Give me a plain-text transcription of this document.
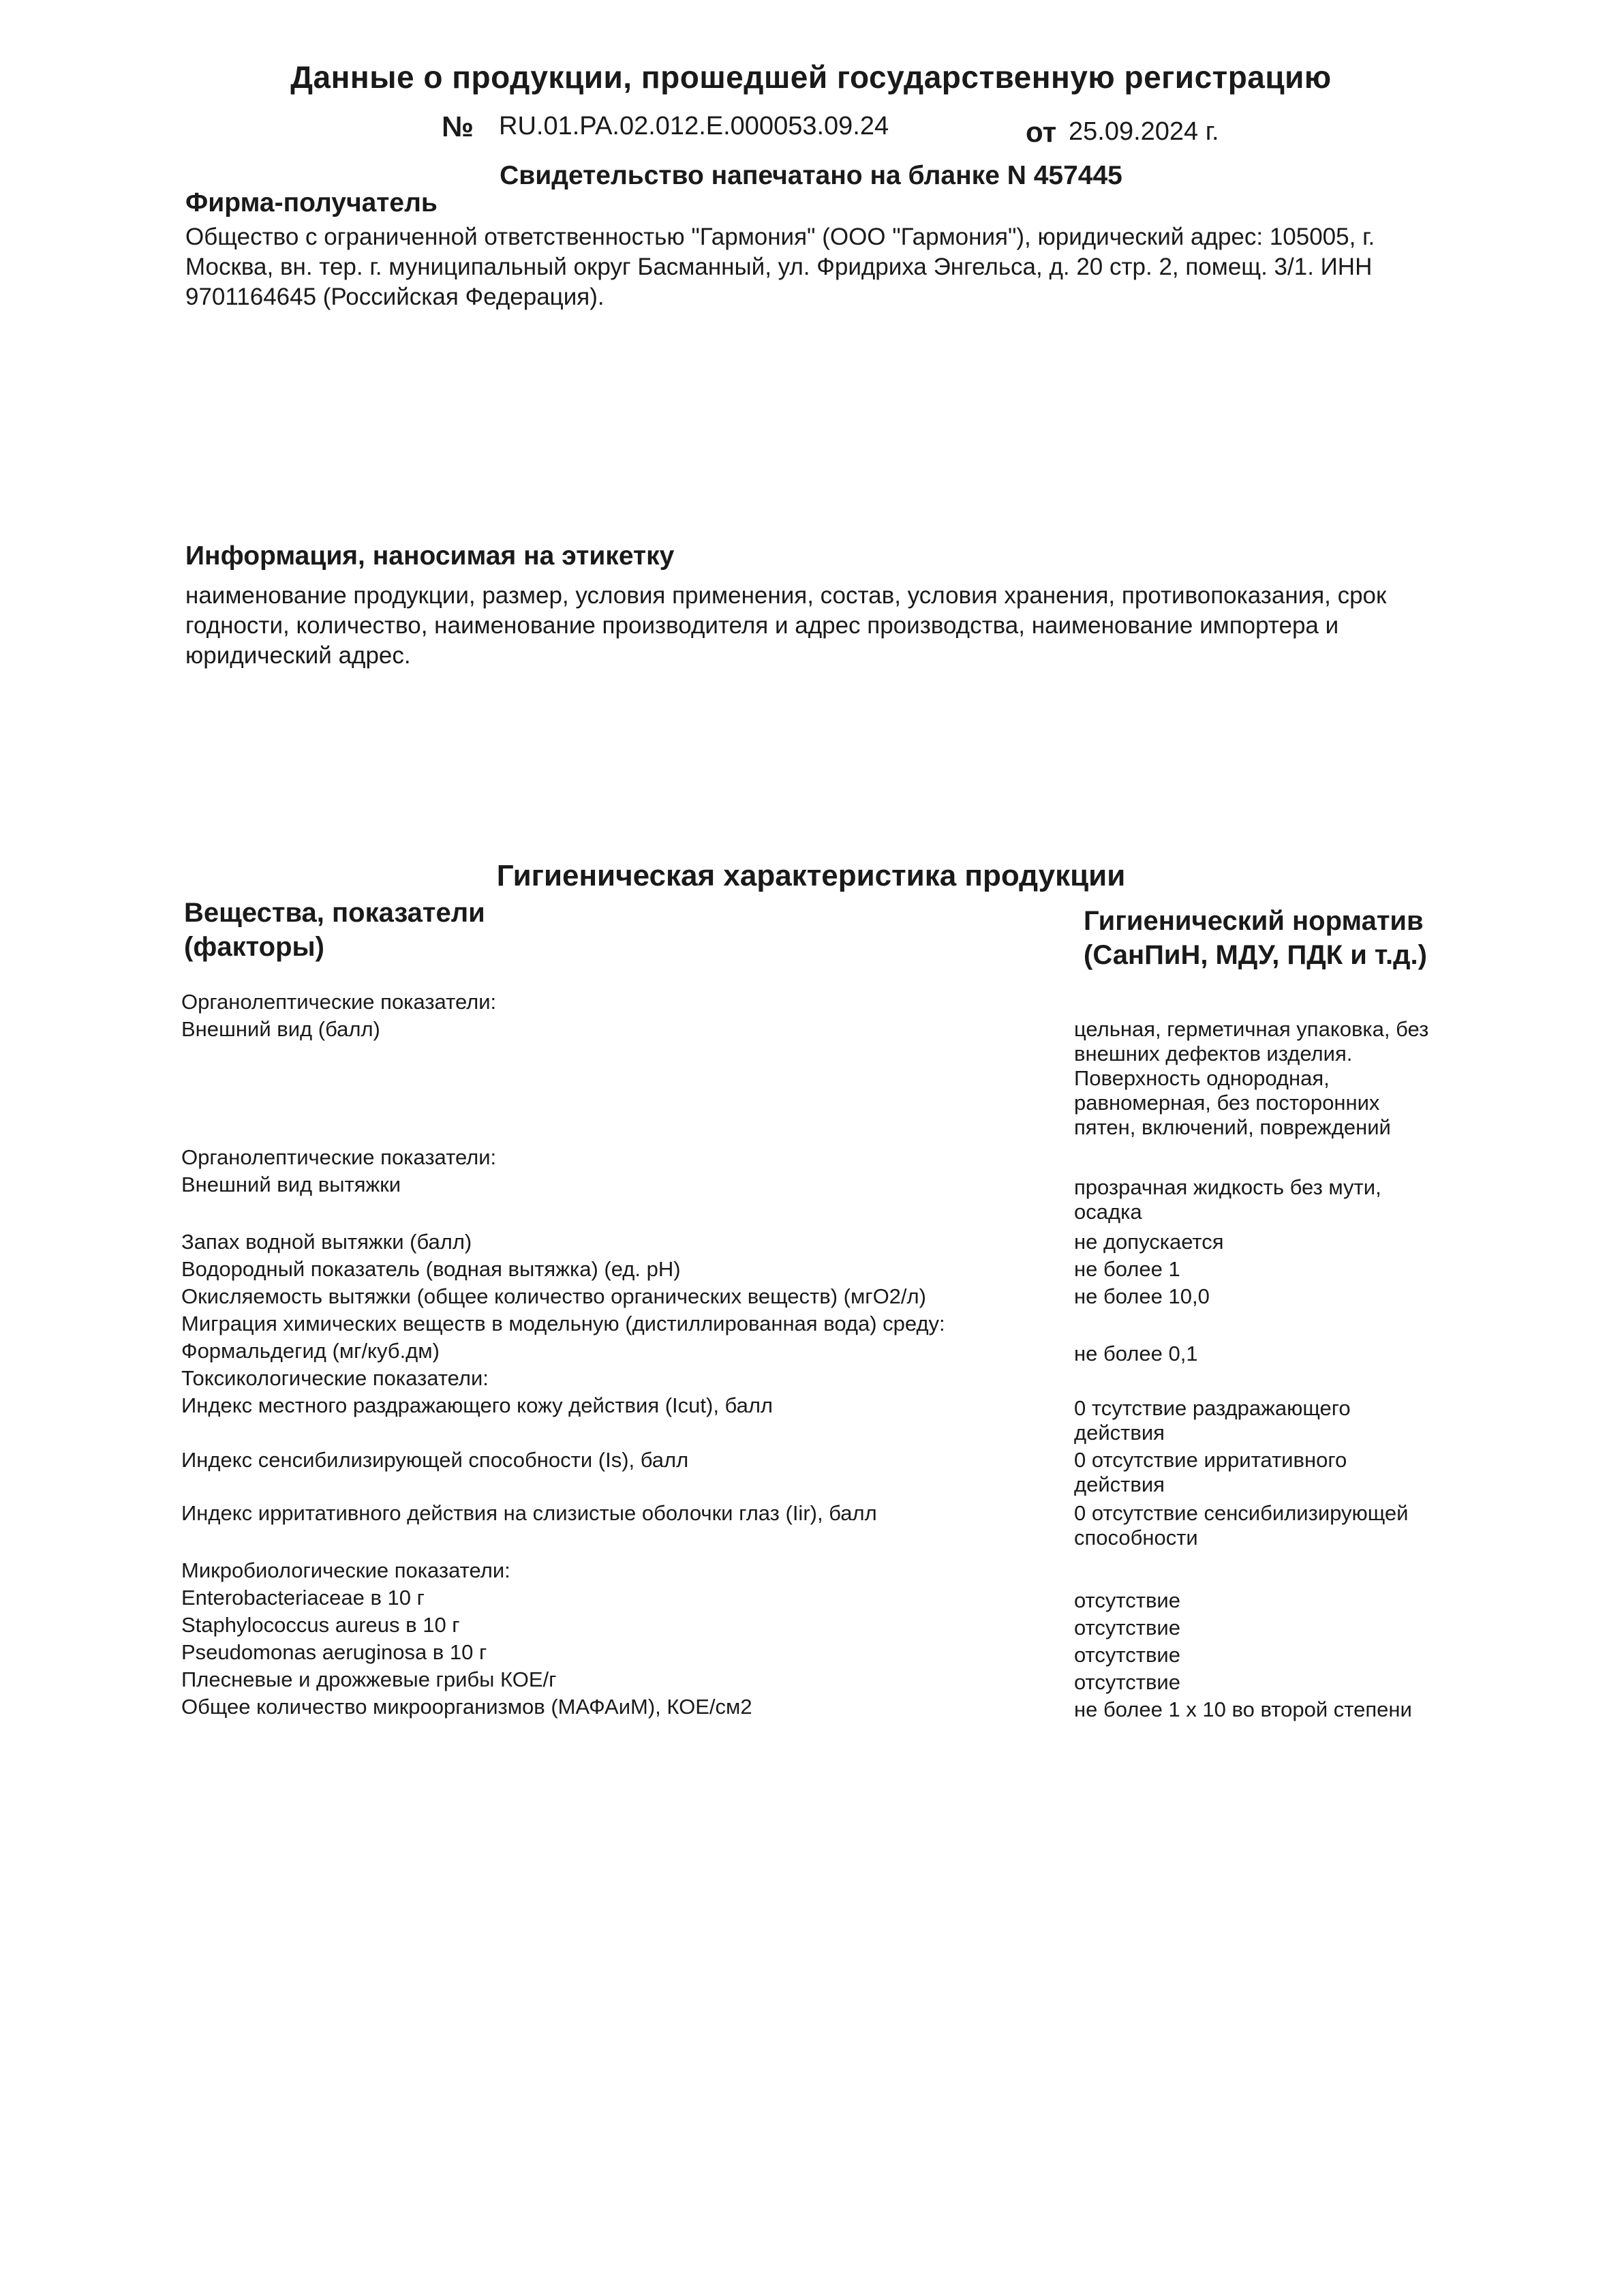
Данные о продукции, прошедшей государственную регистрацию
№ RU.01.РА.02.012.Е.000053.09.24	от 25.09.2024 г.
Свидетельство напечатано на бланке N 457445
Фирма-получатель
Общество с ограниченной ответственностью "Гармония" (ООО "Гармония"), юридический адрес: 105005, г. Москва, вн. тер. г. муниципальный округ Басманный, ул. Фридриха Энгельса, д. 20 стр. 2, помещ. 3/1. ИНН 9701164645 (Российская Федерация).
Информация, наносимая на этикетку
наименование продукции, размер, условия применения, состав, условия хранения, противопоказания, срок годности, количество, наименование производителя и адрес производства, наименование импортера и юридический адрес.
Гигиеническая характеристика продукции
Вещества, показатели (факторы)
Гигиенический норматив (СанПиН, МДУ, ПДК и т.д.)
Органолептические показатели:
Внешний вид (балл)	цельная, герметичная упаковка, без внешних дефектов изделия. Поверхность однородная, равномерная, без посторонних пятен, включений, повреждений
Органолептические показатели:
Внешний вид вытяжки	прозрачная жидкость без мути, осадка
Запах водной вытяжки (балл)	не допускается
Водородный показатель (водная вытяжка) (ед. pH)	не более 1
Окисляемость вытяжки (общее количество органических веществ) (мгО2/л)	не более 10,0
Миграция химических веществ в модельную (дистиллированная вода) среду:
Формальдегид (мг/куб.дм)	не более 0,1
Токсикологические показатели:
Индекс местного раздражающего кожу действия (Icut), балл	0 тсутствие раздражающего действия
Индекс сенсибилизирующей способности (Is), балл	0 отсутствие ирритативного действия
Индекс ирритативного действия на слизистые оболочки глаз (Iir), балл	0 отсутствие сенсибилизирующей способности
Микробиологические показатели:
Enterobacteriaceae в 10 г	отсутствие
Staphylococcus aureus в 10 г	отсутствие
Pseudomonas aeruginosa в 10 г	отсутствие
Плесневые и дрожжевые грибы КОЕ/г	отсутствие
Общее количество микроорганизмов (МАФАиМ), КОЕ/см2	не более 1 х 10 во второй степени
